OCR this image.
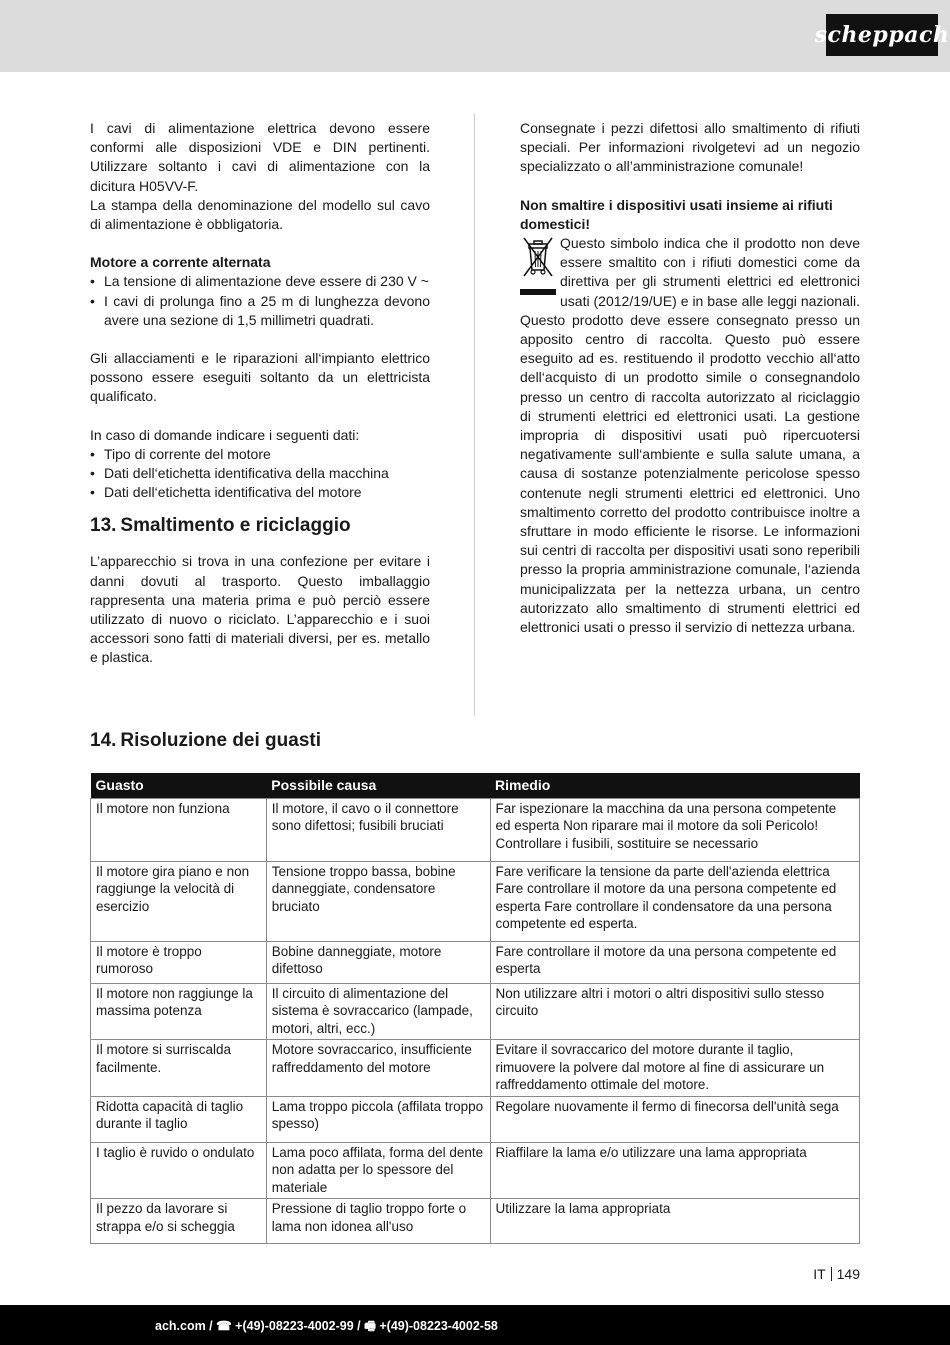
scheppach

I cavi di alimentazione elettrica devono essere conformi alle disposizioni VDE e DIN pertinenti. Utilizzare soltanto i cavi di alimentazione con la dicitura H05VV-F.

La stampa della denominazione del modello sul cavo di alimentazione è obbligatoria.

Motore a corrente alternata

• La tensione di alimentazione deve essere di 230 V ~
• I cavi di prolunga fino a 25 m di lunghezza devono avere una sezione di 1,5 millimetri quadrati.

Gli allacciamenti e le riparazioni all‘impianto elettrico possono essere eseguiti soltanto da un elettricista qualificato.

In caso di domande indicare i seguenti dati:

• Tipo di corrente del motore
• Dati dell‘etichetta identificativa della macchina
• Dati dell‘etichetta identificativa del motore
13. Smaltimento e riciclaggio

L’apparecchio si trova in una confezione per evitare i danni dovuti al trasporto. Questo imballaggio rappresenta una materia prima e può perciò essere utilizzato di nuovo o riciclato. L’apparecchio e i suoi accessori sono fatti di materiali diversi, per es. metallo e plastica.

Consegnate i pezzi difettosi allo smaltimento di rifiuti speciali. Per informazioni rivolgetevi ad un negozio specializzato o all’amministrazione comunale!

Non smaltire i dispositivi usati insieme ai rifiuti domestici!

Questo simbolo indica che il prodotto non deve essere smaltito con i rifiuti domestici come da direttiva per gli strumenti elettrici ed elettronici usati (2012/19/UE) e in base alle leggi nazionali. Questo prodotto deve essere consegnato presso un apposito centro di raccolta. Questo può essere eseguito ad es. restituendo il prodotto vecchio all‘atto dell‘acquisto di un prodotto simile o consegnandolo presso un centro di raccolta autorizzato al riciclaggio di strumenti elettrici ed elettronici usati. La gestione impropria di dispositivi usati può ripercuotersi negativamente sull‘ambiente e sulla salute umana, a causa di sostanze potenzialmente pericolose spesso contenute negli strumenti elettrici ed elettronici. Uno smaltimento corretto del prodotto contribuisce inoltre a sfruttare in modo efficiente le risorse. Le informazioni sui centri di raccolta per dispositivi usati sono reperibili presso la propria amministrazione comunale, l‘azienda municipalizzata per la nettezza urbana, un centro autorizzato allo smaltimento di strumenti elettrici ed elettronici usati o presso il servizio di nettezza urbana.

14. Risoluzione dei guasti
Guasto	Possibile causa	Rimedio
Il motore non funziona	Il motore, il cavo o il connettore sono difettosi; fusibili bruciati	Far ispezionare la macchina da una persona competente ed esperta Non riparare mai il motore da soli Pericolo! Controllare i fusibili, sostituire se necessario
Il motore gira piano e non raggiunge la velocità di esercizio	Tensione troppo bassa, bobine danneggiate, condensatore bruciato	Fare verificare la tensione da parte dell'azienda elettrica Fare controllare il motore da una persona competente ed esperta Fare controllare il condensatore da una persona competente ed esperta.
Il motore è troppo rumoroso	Bobine danneggiate, motore difettoso	Fare controllare il motore da una persona competente ed esperta
Il motore non raggiunge la massima potenza	Il circuito di alimentazione del sistema è sovraccarico (lampade, motori, altri, ecc.)	Non utilizzare altri i motori o altri dispositivi sullo stesso circuito
Il motore si surriscalda facilmente.	Motore sovraccarico, insufficiente raffreddamento del motore	Evitare il sovraccarico del motore durante il taglio, rimuovere la polvere dal motore al fine di assicurare un raffreddamento ottimale del motore.
Ridotta capacità di taglio durante il taglio	Lama troppo piccola (affilata troppo spesso)	Regolare nuovamente il fermo di finecorsa dell'unità sega
I taglio è ruvido o ondulato	Lama poco affilata, forma del dente non adatta per lo spessore del materiale	Riaffilare la lama e/o utilizzare una lama appropriata
Il pezzo da lavorare si strappa e/o si scheggia	Pressione di taglio troppo forte o lama non idonea all'uso	Utilizzare la lama appropriata
IT 149
ach.com / ☎ +(49)-08223-4002-99 / 🖷 +(49)-08223-4002-58
